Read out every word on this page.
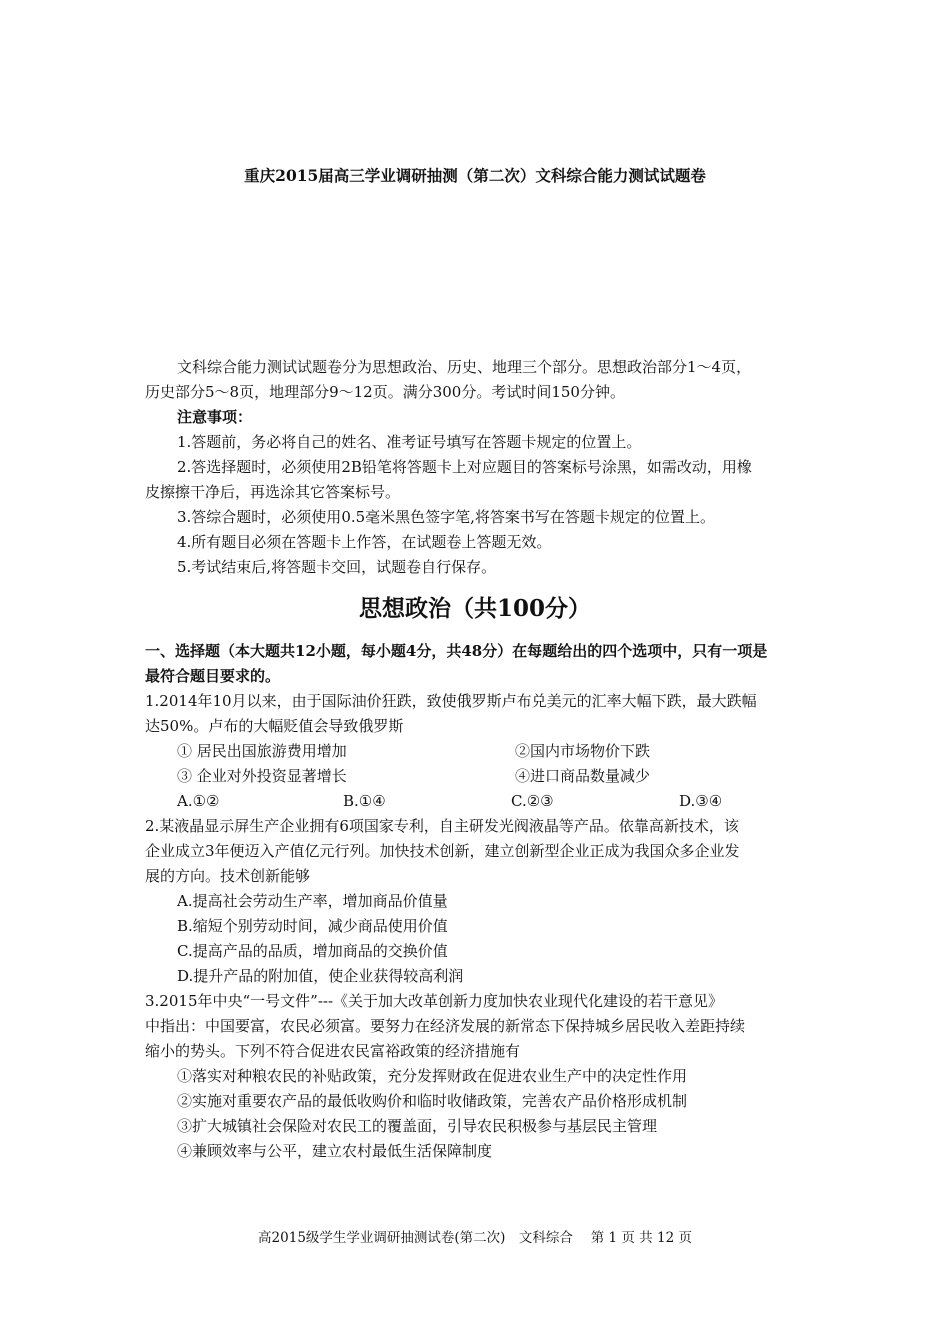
重庆2015届高三学业调研抽测（第二次）文科综合能力测试试题卷
文科综合能力测试试题卷分为思想政治、历史、地理三个部分。思想政治部分1～4页，
历史部分5～8页，地理部分9～12页。满分300分。考试时间150分钟。
注意事项：
1.答题前，务必将自己的姓名、准考证号填写在答题卡规定的位置上。
2.答选择题时，必须使用2B铅笔将答题卡上对应题目的答案标号涂黑，如需改动，用橡
皮擦擦干净后，再选涂其它答案标号。
3.答综合题时，必须使用0.5毫米黑色签字笔,将答案书写在答题卡规定的位置上。
4.所有题目必须在答题卡上作答，在试题卷上答题无效。
5.考试结束后,将答题卡交回，试题卷自行保存。
思想政治（共100分）
一、选择题（本大题共12小题，每小题4分，共48分）在每题给出的四个选项中，只有一项是
最符合题目要求的。
1.2014年10月以来，由于国际油价狂跌，致使俄罗斯卢布兑美元的汇率大幅下跌，最大跌幅
达50%。卢布的大幅贬值会导致俄罗斯
① 居民出国旅游费用增加	②国内市场物价下跌
③ 企业对外投资显著增长	④进口商品数量减少
A.①②	B.①④	C.②③	D.③④
2.某液晶显示屏生产企业拥有6项国家专利，自主研发光阀液晶等产品。依靠高新技术，该
企业成立3年便迈入产值亿元行列。加快技术创新，建立创新型企业正成为我国众多企业发
展的方向。技术创新能够
A.提高社会劳动生产率，增加商品价值量
B.缩短个别劳动时间，减少商品使用价值
C.提高产品的品质，增加商品的交换价值
D.提升产品的附加值，使企业获得较高利润
3.2015年中央“一号文件”---《关于加大改革创新力度加快农业现代化建设的若干意见》
中指出：中国要富，农民必须富。要努力在经济发展的新常态下保持城乡居民收入差距持续
缩小的势头。下列不符合促进农民富裕政策的经济措施有
①落实对种粮农民的补贴政策，充分发挥财政在促进农业生产中的决定性作用
②实施对重要农产品的最低收购价和临时收储政策，完善农产品价格形成机制
③扩大城镇社会保险对农民工的覆盖面，引导农民积极参与基层民主管理
④兼顾效率与公平，建立农村最低生活保障制度
高2015级学生学业调研抽测试卷(第二次)　文科综合　 第 1 页 共 12 页
